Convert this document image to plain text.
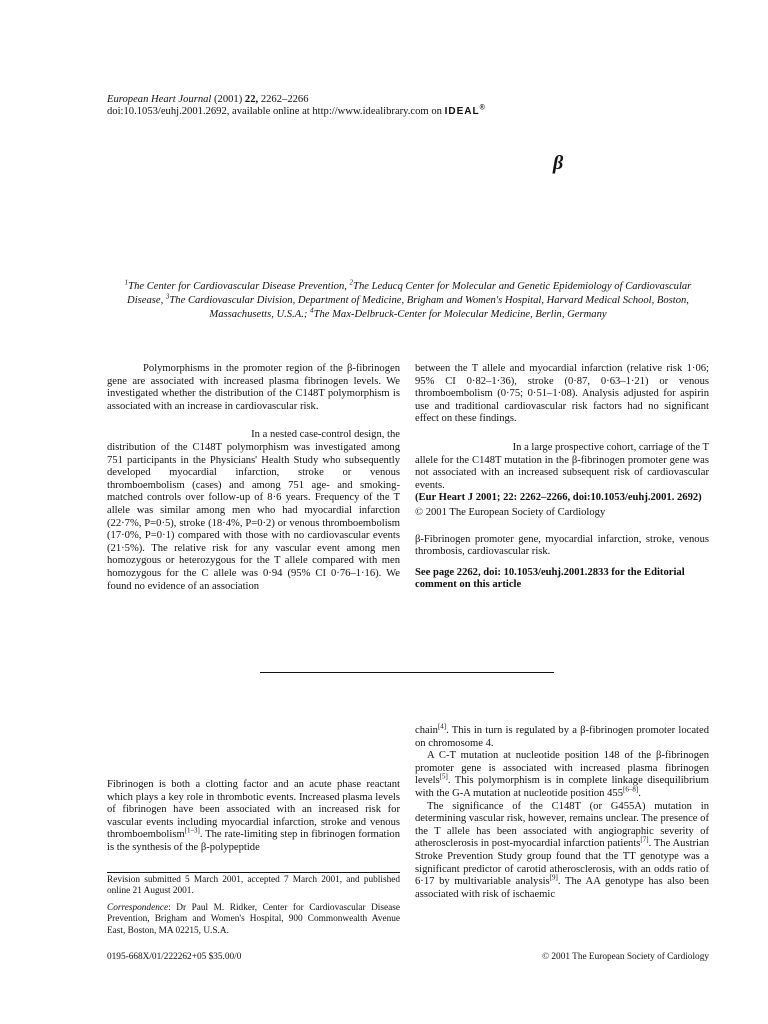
European Heart Journal (2001) 22, 2262–2266
doi:10.1053/euhj.2001.2692, available online at http://www.idealibrary.com on IDEAL®
β
$^1$The Center for Cardiovascular Disease Prevention, $^2$The Leducq Center for Molecular and Genetic Epidemiology of Cardiovascular Disease, $^3$The Cardiovascular Division, Department of Medicine, Brigham and Women's Hospital, Harvard Medical School, Boston, Massachusetts, U.S.A.; $^4$The Max-Delbruck-Center for Molecular Medicine, Berlin, Germany

Polymorphisms in the promoter region of the β-fibrinogen gene are associated with increased plasma fibrinogen levels. We investigated whether the distribution of the C148T polymorphism is associated with an increase in cardiovascular risk.

In a nested case-control design, the
distribution of the C148T polymorphism was investigated among 751 participants in the Physicians' Health Study who subsequently developed myocardial infarction, stroke or venous thromboembolism (cases) and among 751 age- and smoking-matched controls over follow-up of 8·6 years. Frequency of the T allele was similar among men who had myocardial infarction (22·7%, P=0·5), stroke (18·4%, P=0·2) or venous thromboembolism (17·0%, P=0·1) compared with those with no cardiovascular events (21·5%). The relative risk for any vascular event among men homozygous or heterozygous for the T allele compared with men homozygous for the C allele was 0·94 (95% CI 0·76–1·16). We found no evidence of an association

between the T allele and myocardial infarction (relative risk 1·06; 95% CI 0·82–1·36), stroke (0·87, 0·63–1·21) or venous thromboembolism (0·75; 0·51–1·08). Analysis adjusted for aspirin use and traditional cardiovascular risk factors had no significant effect on these findings.

In a large prospective cohort, carriage of the T
allele for the C148T mutation in the β-fibrinogen promoter gene was not associated with an increased subsequent risk of cardiovascular events.

(Eur Heart J 2001; 22: 2262–2266, doi:10.1053/euhj.2001. 2692)

© 2001 The European Society of Cardiology

β-Fibrinogen promoter gene, myocardial infarction, stroke, venous thrombosis, cardiovascular risk.

See page 2262, doi: 10.1053/euhj.2001.2833 for the Editorial comment on this article

Fibrinogen is both a clotting factor and an acute phase reactant which plays a key role in thrombotic events. Increased plasma levels of fibrinogen have been associated with an increased risk for vascular events including myocardial infarction, stroke and venous thromboembolism[1–3]. The rate-limiting step in fibrinogen formation is the synthesis of the β-polypeptide

Revision submitted 5 March 2001, accepted 7 March 2001, and published online 21 August 2001.

Correspondence: Dr Paul M. Ridker, Center for Cardiovascular Disease Prevention, Brigham and Women's Hospital, 900 Commonwealth Avenue East, Boston, MA 02215, U.S.A.

chain[4]. This in turn is regulated by a β-fibrinogen promoter located on chromosome 4.

A C-T mutation at nucleotide position 148 of the β-fibrinogen promoter gene is associated with increased plasma fibrinogen levels[5]. This polymorphism is in complete linkage disequilibrium with the G-A mutation at nucleotide position 455[6–8].

The significance of the C148T (or G455A) mutation in determining vascular risk, however, remains unclear. The presence of the T allele has been associated with angiographic severity of atherosclerosis in post-myocardial infarction patients[7]. The Austrian Stroke Prevention Study group found that the TT genotype was a significant predictor of carotid atherosclerosis, with an odds ratio of 6·17 by multivariable analysis[9]. The AA genotype has also been associated with risk of ischaemic

0195-668X/01/222262+05 $35.00/0	© 2001 The European Society of Cardiology
